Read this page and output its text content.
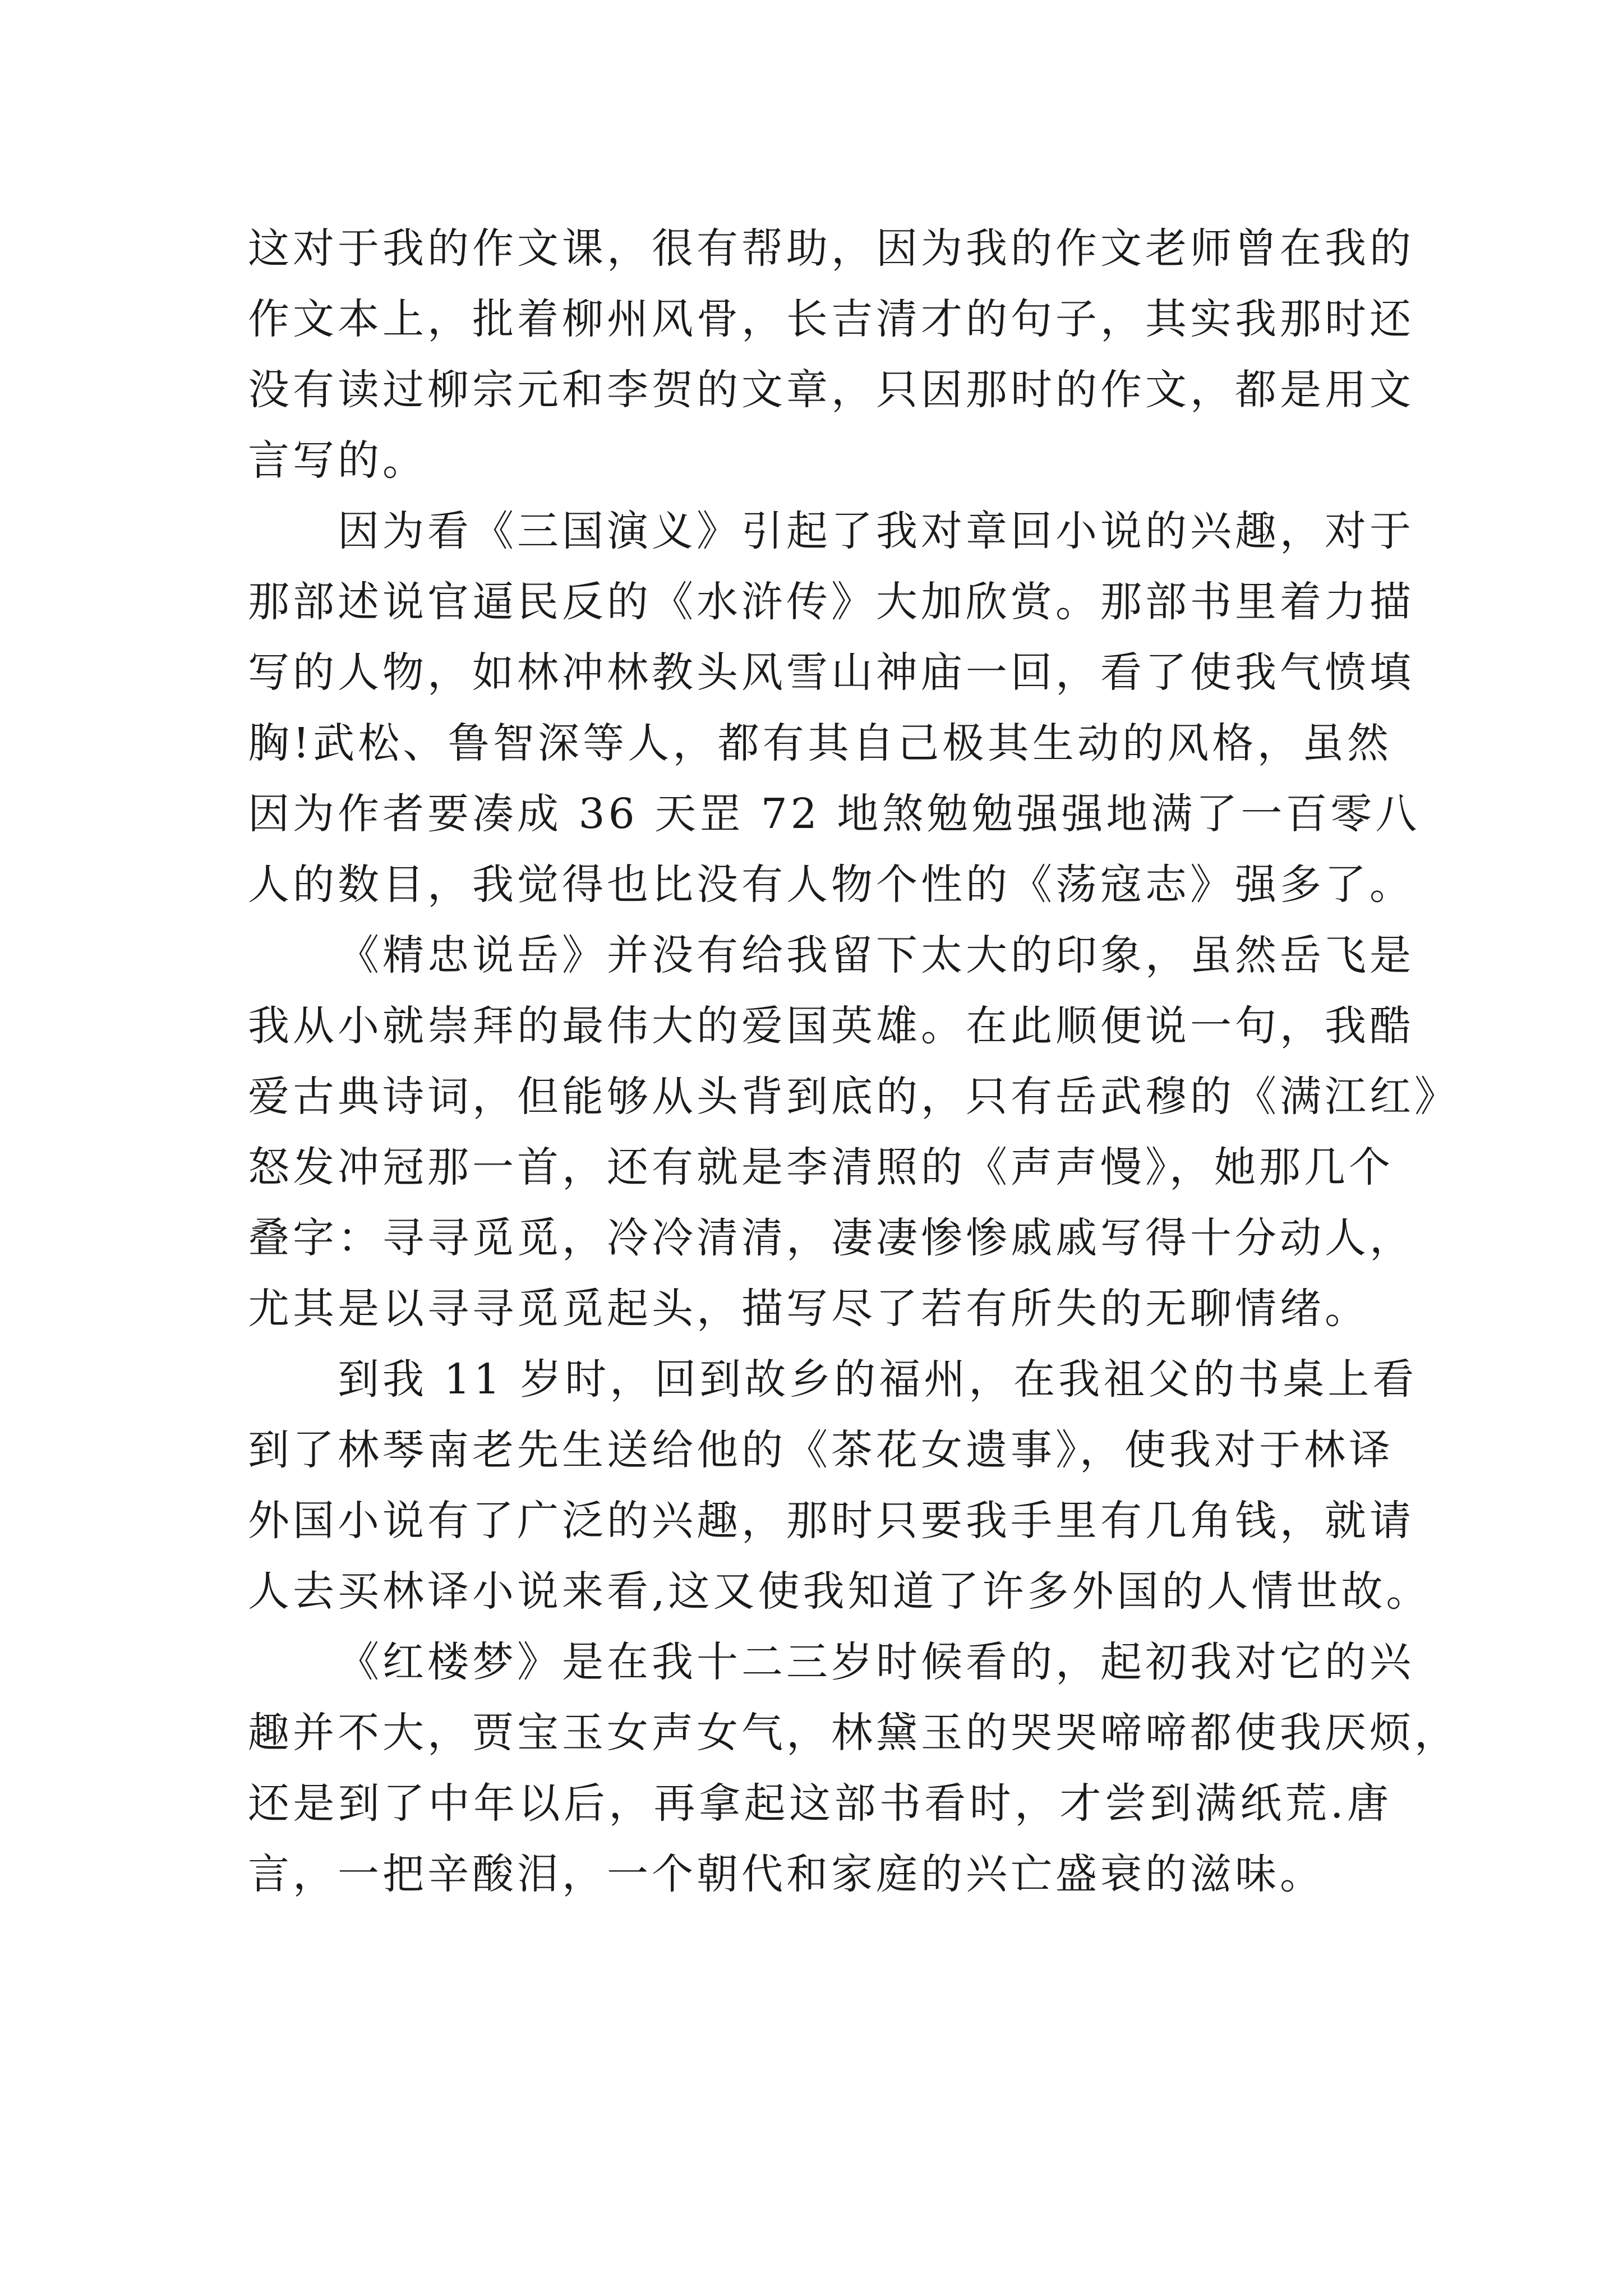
这对于我的作文课，很有帮助，因为我的作文老师曾在我的
作文本上，批着柳州风骨，长吉清才的句子，其实我那时还
没有读过柳宗元和李贺的文章，只因那时的作文，都是用文
言写的。
因为看《三国演义》引起了我对章回小说的兴趣，对于
那部述说官逼民反的《水浒传》大加欣赏。那部书里着力描
写的人物，如林冲林教头风雪山神庙一回，看了使我气愤填
胸!武松、鲁智深等人，都有其自己极其生动的风格，虽然
因为作者要凑成 36 天罡 72 地煞勉勉强强地满了一百零八
人的数目，我觉得也比没有人物个性的《荡寇志》强多了。
《精忠说岳》并没有给我留下太大的印象，虽然岳飞是
我从小就崇拜的最伟大的爱国英雄。在此顺便说一句，我酷
爱古典诗词，但能够从头背到底的，只有岳武穆的《满江红》
怒发冲冠那一首，还有就是李清照的《声声慢》，她那几个
叠字：寻寻觅觅，冷冷清清，凄凄惨惨戚戚写得十分动人，
尤其是以寻寻觅觅起头，描写尽了若有所失的无聊情绪。
到我 11 岁时，回到故乡的福州，在我祖父的书桌上看
到了林琴南老先生送给他的《茶花女遗事》，使我对于林译
外国小说有了广泛的兴趣，那时只要我手里有几角钱，就请
人去买林译小说来看,这又使我知道了许多外国的人情世故。
《红楼梦》是在我十二三岁时候看的，起初我对它的兴
趣并不大，贾宝玉女声女气，林黛玉的哭哭啼啼都使我厌烦，
还是到了中年以后，再拿起这部书看时，才尝到满纸荒.唐
言，一把辛酸泪，一个朝代和家庭的兴亡盛衰的滋味。
